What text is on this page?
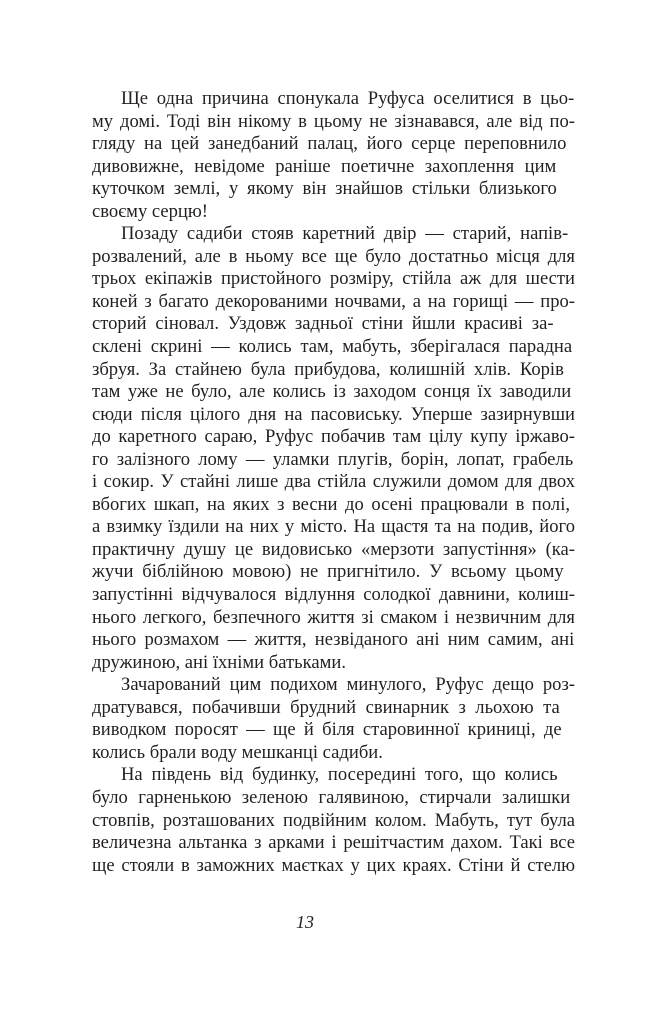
Ще одна причина спонукала Руфуса оселитися в цьо-
му домі. Тоді він нікому в цьому не зізнавався, але від по-
гляду на цей занедбаний палац, його серце переповнило
дивовижне, невідоме раніше поетичне захоплення цим
куточком землі, у якому він знайшов стільки близького
своєму серцю!
Позаду садиби стояв каретний двір — старий, напів-
розвалений, але в ньому все ще було достатньо місця для
трьох екіпажів пристойного розміру, стійла аж для шести
коней з багато декорованими ночвами, а на горищі — про-
сторий сіновал. Уздовж задньої стіни йшли красиві за-
склені скрині — колись там, мабуть, зберігалася парадна
збруя. За стайнею була прибудова, колишній хлів. Корів
там уже не було, але колись із заходом сонця їх заводили
сюди після цілого дня на пасовиську. Уперше зазирнувши
до каретного сараю, Руфус побачив там цілу купу іржаво-
го залізного лому — уламки плугів, борін, лопат, грабель
і сокир. У стайні лише два стійла служили домом для двох
вбогих шкап, на яких з весни до осені працювали в полі,
а взимку їздили на них у місто. На щастя та на подив, його
практичну душу це видовисько «мерзоти запустіння» (ка-
жучи біблійною мовою) не пригнітило. У всьому цьому
запустінні відчувалося відлуння солодкої давнини, колиш-
нього легкого, безпечного життя зі смаком і незвичним для
нього розмахом — життя, незвіданого ані ним самим, ані
дружиною, ані їхніми батьками.
Зачарований цим подихом минулого, Руфус дещо роз-
дратувався, побачивши брудний свинарник з льохою та
виводком поросят — ще й біля старовинної криниці, де
колись брали воду мешканці садиби.
На південь від будинку, посередині того, що колись
було гарненькою зеленою галявиною, стирчали залишки
стовпів, розташованих подвійним колом. Мабуть, тут була
величезна альтанка з арками і решітчастим дахом. Такі все
ще стояли в заможних маєтках у цих краях. Стіни й стелю
13
